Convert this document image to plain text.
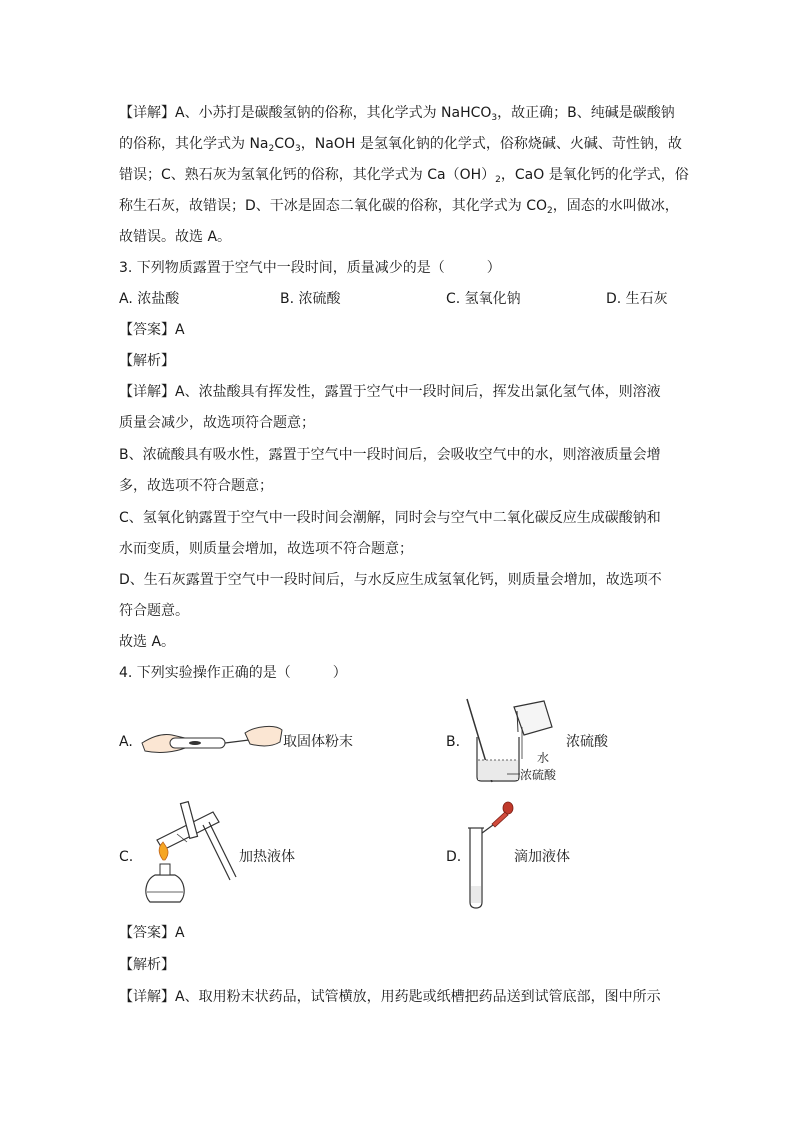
【详解】A、小苏打是碳酸氢钠的俗称，其化学式为 NaHCO$_3$，故正确；B、纯碱是碳酸钠
的俗称，其化学式为 $Na_2CO_3$，NaOH 是氢氧化钠的化学式，俗称烧碱、火碱、苛性钠，故
错误；C、熟石灰为氢氧化钙的俗称，其化学式为 $Ca(OH)_2$，CaO 是氧化钙的化学式，俗
称生石灰，故错误；D、干冰是固态二氧化碳的俗称，其化学式为 $CO_2$，固态的水叫做冰，
故错误。故选 A。
3. 下列物质露置于空气中一段时间，质量减少的是（　　　）
A. 浓盐酸	B. 浓硫酸	C. 氢氧化钠	D. 生石灰
【答案】A
【解析】
【详解】A、浓盐酸具有挥发性，露置于空气中一段时间后，挥发出氯化氢气体，则溶液
质量会减少，故选项符合题意；
B、浓硫酸具有吸水性，露置于空气中一段时间后，会吸收空气中的水，则溶液质量会增
多，故选项不符合题意；
C、氢氧化钠露置于空气中一段时间会潮解，同时会与空气中二氧化碳反应生成碳酸钠和
水而变质，则质量会增加，故选项不符合题意；
D、生石灰露置于空气中一段时间后，与水反应生成氢氧化钙，则质量会增加，故选项不
符合题意。
故选 A。
4. 下列实验操作正确的是（　　　）
A.	取固体粉末	B.
水
浓硫酸
浓硫酸
C.	加热液体	D.	滴加液体
【答案】A
【解析】
【详解】A、取用粉末状药品，试管横放，用药匙或纸槽把药品送到试管底部，图中所示
